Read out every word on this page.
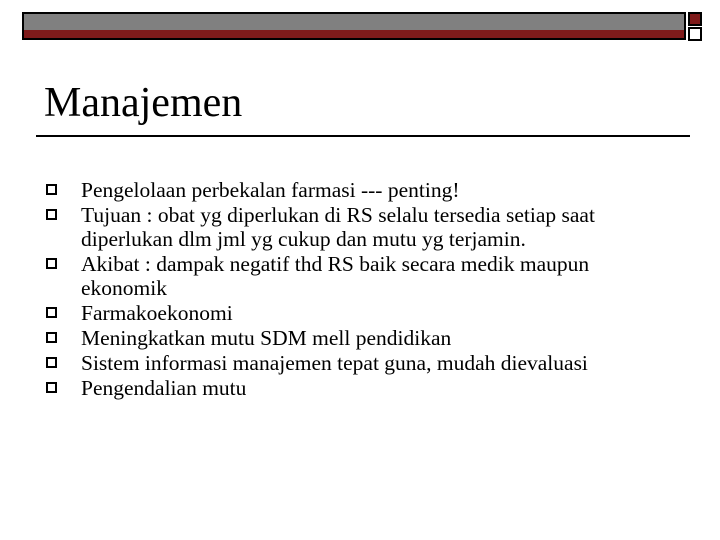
Manajemen
Pengelolaan perbekalan farmasi --- penting!
Tujuan : obat yg diperlukan di RS selalu tersedia setiap saat diperlukan dlm jml yg cukup dan mutu yg terjamin.
Akibat : dampak negatif thd RS baik secara medik maupun ekonomik
Farmakoekonomi
Meningkatkan mutu SDM mell pendidikan
Sistem informasi manajemen tepat guna, mudah dievaluasi
Pengendalian mutu
